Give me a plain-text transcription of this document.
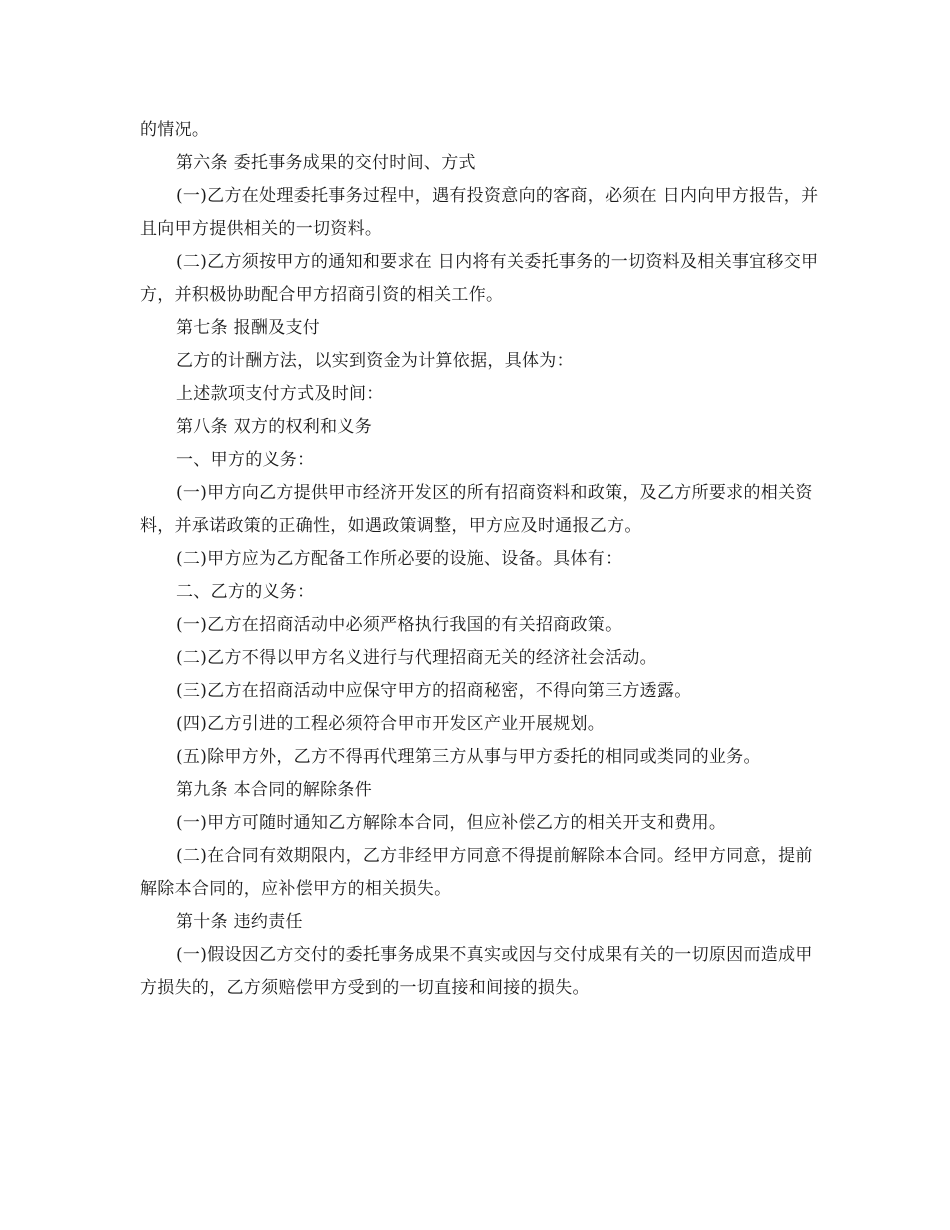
的情况。

第六条 委托事务成果的交付时间、方式

(一)乙方在处理委托事务过程中，遇有投资意向的客商，必须在 日内向甲方报告，并且向甲方提供相关的一切资料。

(二)乙方须按甲方的通知和要求在 日内将有关委托事务的一切资料及相关事宜移交甲方，并积极协助配合甲方招商引资的相关工作。

第七条 报酬及支付

乙方的计酬方法，以实到资金为计算依据，具体为：

上述款项支付方式及时间：

第八条 双方的权利和义务

一、甲方的义务：

(一)甲方向乙方提供甲市经济开发区的所有招商资料和政策，及乙方所要求的相关资料，并承诺政策的正确性，如遇政策调整，甲方应及时通报乙方。

(二)甲方应为乙方配备工作所必要的设施、设备。具体有：

二、乙方的义务：

(一)乙方在招商活动中必须严格执行我国的有关招商政策。

(二)乙方不得以甲方名义进行与代理招商无关的经济社会活动。

(三)乙方在招商活动中应保守甲方的招商秘密，不得向第三方透露。

(四)乙方引进的工程必须符合甲市开发区产业开展规划。

(五)除甲方外，乙方不得再代理第三方从事与甲方委托的相同或类同的业务。

第九条 本合同的解除条件

(一)甲方可随时通知乙方解除本合同，但应补偿乙方的相关开支和费用。

(二)在合同有效期限内，乙方非经甲方同意不得提前解除本合同。经甲方同意，提前解除本合同的，应补偿甲方的相关损失。

第十条 违约责任

(一)假设因乙方交付的委托事务成果不真实或因与交付成果有关的一切原因而造成甲方损失的，乙方须赔偿甲方受到的一切直接和间接的损失。
